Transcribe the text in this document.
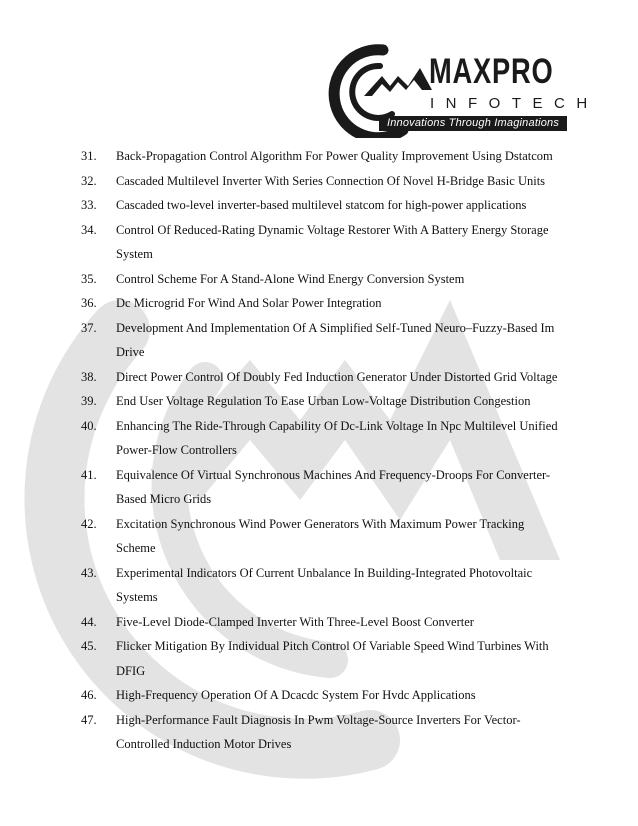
MAXPRO
INFOTECH
Innovations Through Imaginations
31. Back-Propagation Control Algorithm For Power Quality Improvement Using Dstatcom
32. Cascaded Multilevel Inverter With Series Connection Of Novel H-Bridge Basic Units
33. Cascaded two-level inverter-based multilevel statcom for high-power applications
34. Control Of Reduced-Rating Dynamic Voltage Restorer With A Battery Energy Storage
System
35. Control Scheme For A Stand-Alone Wind Energy Conversion System
36. Dc Microgrid For Wind And Solar Power Integration
37. Development And Implementation Of A Simplified Self-Tuned Neuro–Fuzzy-Based Im
Drive
38. Direct Power Control Of Doubly Fed Induction Generator Under Distorted Grid Voltage
39. End User Voltage Regulation To Ease Urban Low-Voltage Distribution Congestion
40. Enhancing The Ride-Through Capability Of Dc-Link Voltage In Npc Multilevel Unified
Power-Flow Controllers
41. Equivalence Of Virtual Synchronous Machines And Frequency-Droops For Converter-
Based Micro Grids
42. Excitation Synchronous Wind Power Generators With Maximum Power Tracking
Scheme
43. Experimental Indicators Of Current Unbalance In Building-Integrated Photovoltaic
Systems
44. Five-Level Diode-Clamped Inverter With Three-Level Boost Converter
45. Flicker Mitigation By Individual Pitch Control Of Variable Speed Wind Turbines With
DFIG
46. High-Frequency Operation Of A Dcacdc System For Hvdc Applications
47. High-Performance Fault Diagnosis In Pwm Voltage-Source Inverters For Vector-
Controlled Induction Motor Drives
